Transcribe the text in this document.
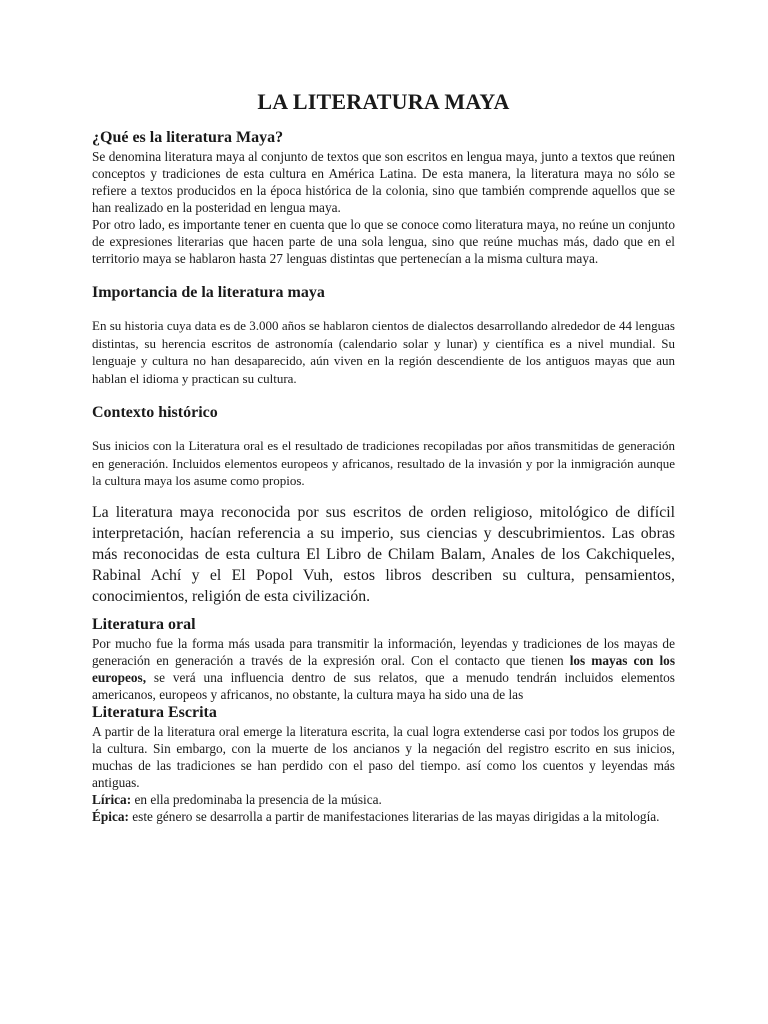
LA LITERATURA MAYA
¿Qué es la literatura Maya?

Se denomina literatura maya al conjunto de textos que son escritos en lengua maya, junto a textos que reúnen conceptos y tradiciones de esta cultura en América Latina. De esta manera, la literatura maya no sólo se refiere a textos producidos en la época histórica de la colonia, sino que también comprende aquellos que se han realizado en la posteridad en lengua maya.

Por otro lado, es importante tener en cuenta que lo que se conoce como literatura maya, no reúne un conjunto de expresiones literarias que hacen parte de una sola lengua, sino que reúne muchas más, dado que en el territorio maya se hablaron hasta 27 lenguas distintas que pertenecían a la misma cultura maya.

Importancia de la literatura maya

En su historia cuya data es de 3.000 años se hablaron cientos de dialectos desarrollando alrededor de 44 lenguas distintas, su herencia escritos de astronomía (calendario solar y lunar) y científica es a nivel mundial. Su lenguaje y cultura no han desaparecido, aún viven en la región descendiente de los antiguos mayas que aun hablan el idioma y practican su cultura.

Contexto histórico

Sus inicios con la Literatura oral es el resultado de tradiciones recopiladas por años transmitidas de generación en generación. Incluidos elementos europeos y africanos, resultado de la invasión y por la inmigración aunque la cultura maya los asume como propios.

La literatura maya reconocida por sus escritos de orden religioso, mitológico de difícil interpretación, hacían referencia a su imperio, sus ciencias y descubrimientos. Las obras más reconocidas de esta cultura El Libro de Chilam Balam, Anales de los Cakchiqueles, Rabinal Achí y el El Popol Vuh, estos libros describen su cultura, pensamientos, conocimientos, religión de esta civilización.

Literatura oral

Por mucho fue la forma más usada para transmitir la información, leyendas y tradiciones de los mayas de generación en generación a través de la expresión oral. Con el contacto que tienen los mayas con los europeos, se verá una influencia dentro de sus relatos, que a menudo tendrán incluidos elementos americanos, europeos y africanos, no obstante, la cultura maya ha sido una de las

Literatura Escrita

A partir de la literatura oral emerge la literatura escrita, la cual logra extenderse casi por todos los grupos de la cultura. Sin embargo, con la muerte de los ancianos y la negación del registro escrito en sus inicios, muchas de las tradiciones se han perdido con el paso del tiempo. así como los cuentos y leyendas más antiguas.

Lírica: en ella predominaba la presencia de la música.

Épica: este género se desarrolla a partir de manifestaciones literarias de las mayas dirigidas a la mitología.
